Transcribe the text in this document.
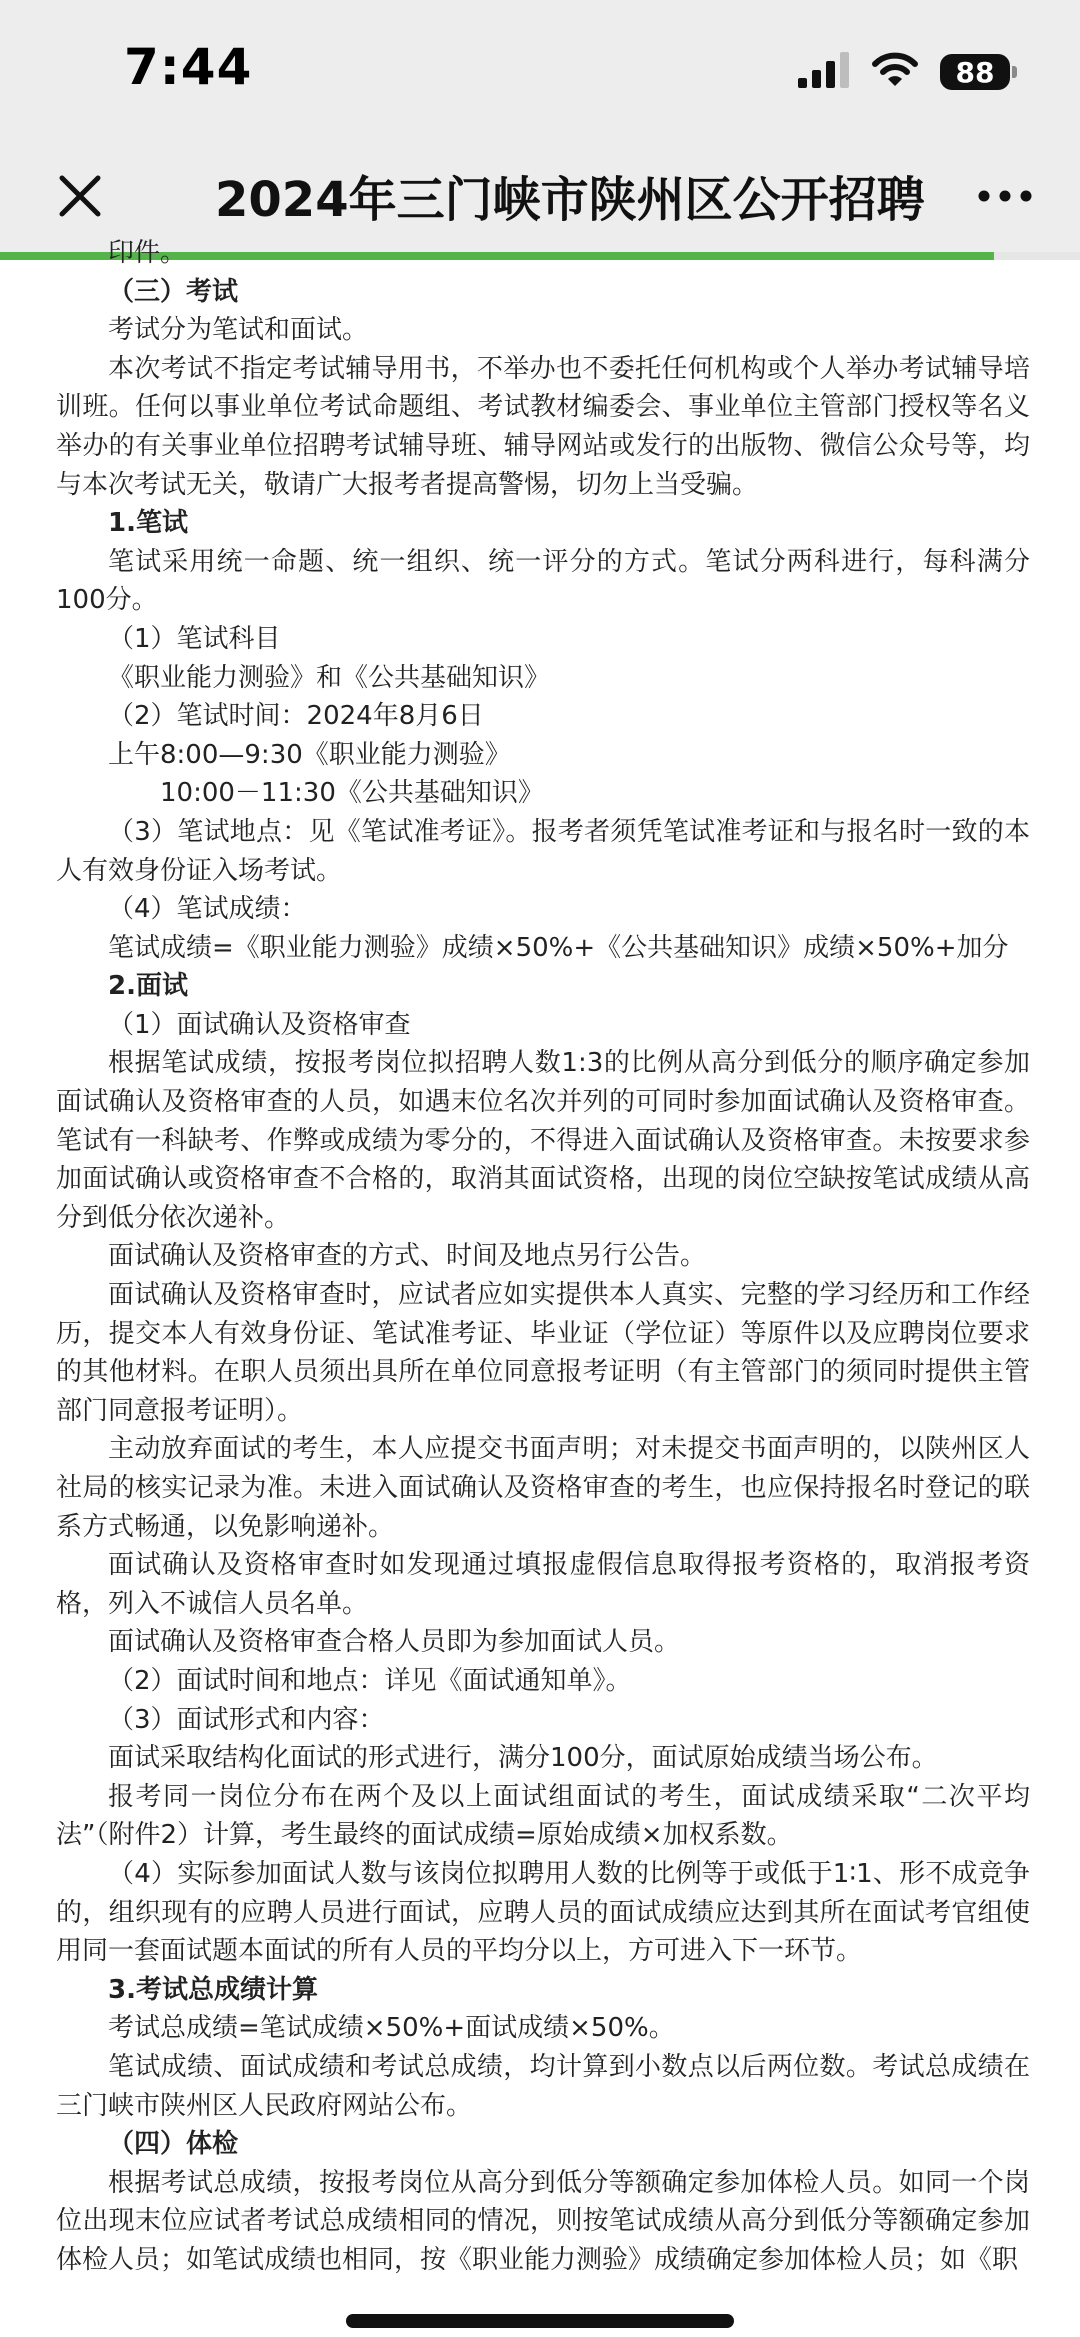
7:44	88
2024年三门峡市陕州区公开招聘

印件。

（三）考试

考试分为笔试和面试。

本次考试不指定考试辅导用书，不举办也不委托任何机构或个人举办考试辅导培训班。任何以事业单位考试命题组、考试教材编委会、事业单位主管部门授权等名义举办的有关事业单位招聘考试辅导班、辅导网站或发行的出版物、微信公众号等，均与本次考试无关，敬请广大报考者提高警惕，切勿上当受骗。

1.笔试

笔试采用统一命题、统一组织、统一评分的方式。笔试分两科进行，每科满分100分。

（1）笔试科目

《职业能力测验》和《公共基础知识》

（2）笔试时间：2024年8月6日

上午8:00—9:30《职业能力测验》

10:00－11:30《公共基础知识》

（3）笔试地点：见《笔试准考证》。报考者须凭笔试准考证和与报名时一致的本人有效身份证入场考试。

（4）笔试成绩：

笔试成绩=《职业能力测验》成绩×50%+《公共基础知识》成绩×50%+加分

2.面试

（1）面试确认及资格审查

根据笔试成绩，按报考岗位拟招聘人数1:3的比例从高分到低分的顺序确定参加面试确认及资格审查的人员，如遇末位名次并列的可同时参加面试确认及资格审查。笔试有一科缺考、作弊或成绩为零分的，不得进入面试确认及资格审查。未按要求参加面试确认或资格审查不合格的，取消其面试资格，出现的岗位空缺按笔试成绩从高分到低分依次递补。

面试确认及资格审查的方式、时间及地点另行公告。

面试确认及资格审查时，应试者应如实提供本人真实、完整的学习经历和工作经历，提交本人有效身份证、笔试准考证、毕业证（学位证）等原件以及应聘岗位要求的其他材料。在职人员须出具所在单位同意报考证明（有主管部门的须同时提供主管部门同意报考证明）。

主动放弃面试的考生，本人应提交书面声明；对未提交书面声明的，以陕州区人社局的核实记录为准。未进入面试确认及资格审查的考生，也应保持报名时登记的联系方式畅通，以免影响递补。

面试确认及资格审查时如发现通过填报虚假信息取得报考资格的，取消报考资格，列入不诚信人员名单。

面试确认及资格审查合格人员即为参加面试人员。

（2）面试时间和地点：详见《面试通知单》。

（3）面试形式和内容：

面试采取结构化面试的形式进行，满分100分，面试原始成绩当场公布。

报考同一岗位分布在两个及以上面试组面试的考生，面试成绩采取“二次平均法”（附件2）计算，考生最终的面试成绩=原始成绩×加权系数。

（4）实际参加面试人数与该岗位拟聘用人数的比例等于或低于1∶1、形不成竞争的，组织现有的应聘人员进行面试，应聘人员的面试成绩应达到其所在面试考官组使用同一套面试题本面试的所有人员的平均分以上，方可进入下一环节。

3.考试总成绩计算

考试总成绩=笔试成绩×50%+面试成绩×50%。

笔试成绩、面试成绩和考试总成绩，均计算到小数点以后两位数。考试总成绩在三门峡市陕州区人民政府网站公布。

（四）体检

根据考试总成绩，按报考岗位从高分到低分等额确定参加体检人员。如同一个岗位出现末位应试者考试总成绩相同的情况，则按笔试成绩从高分到低分等额确定参加体检人员；如笔试成绩也相同，按《职业能力测验》成绩确定参加体检人员；如《职
